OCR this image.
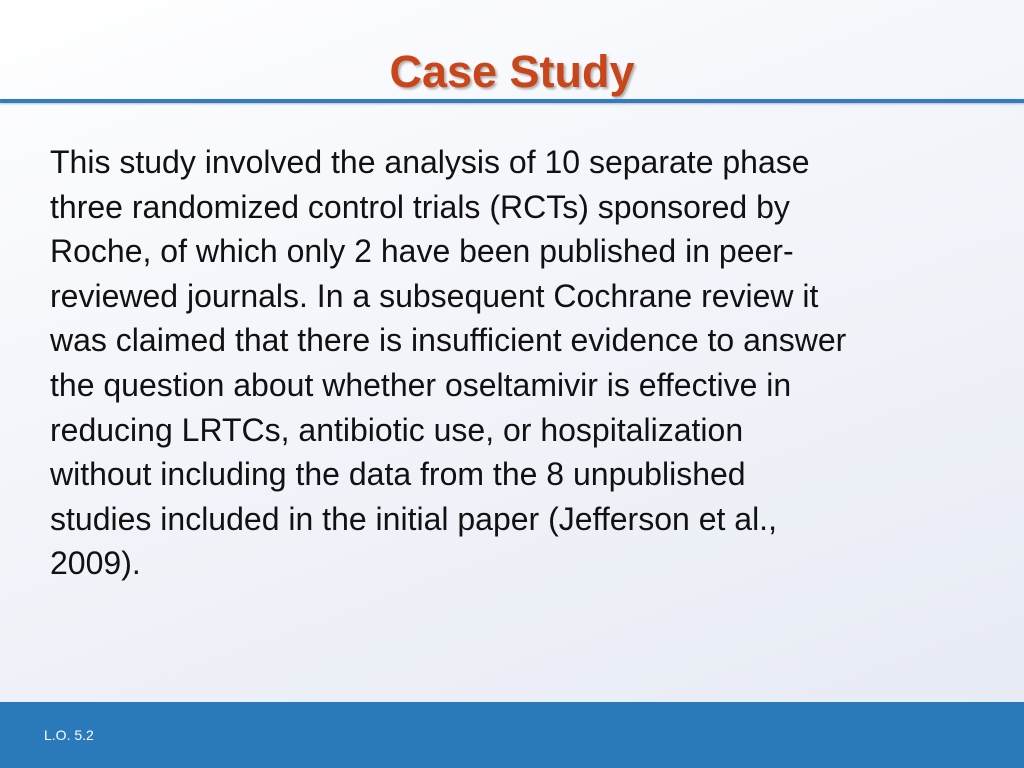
Case Study
This study involved the analysis of 10 separate phase
three randomized control trials (RCTs) sponsored by
Roche, of which only 2 have been published in peer-
reviewed journals. In a subsequent Cochrane review it
was claimed that there is insufficient evidence to answer
the question about whether oseltamivir is effective in
reducing LRTCs, antibiotic use, or hospitalization
without including the data from the 8 unpublished
studies included in the initial paper (Jefferson et al.,
2009).
L.O. 5.2
